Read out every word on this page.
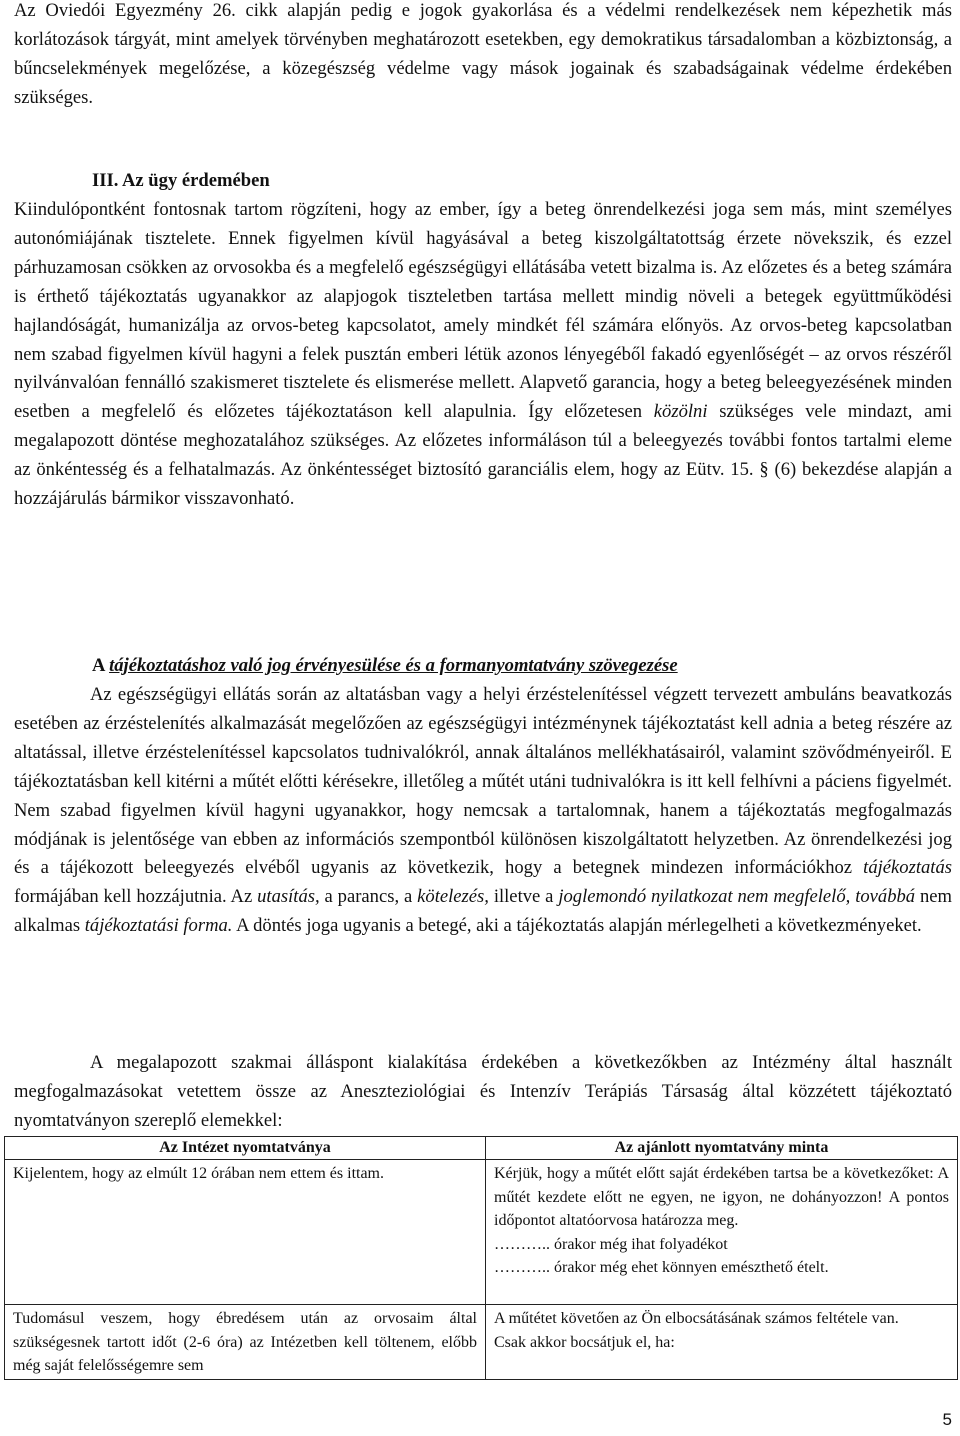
Az Oviedói Egyezmény 26. cikk alapján pedig e jogok gyakorlása és a védelmi rendelkezések nem képezhetik más korlátozások tárgyát, mint amelyek törvényben meghatározott esetekben, egy demokratikus társadalomban a közbiztonság, a bűncselekmények megelőzése, a közegészség védelme vagy mások jogainak és szabadságainak védelme érdekében szükséges.

III. Az ügy érdemében

Kiindulópontként fontosnak tartom rögzíteni, hogy az ember, így a beteg önrendelkezési joga sem más, mint személyes autonómiájának tisztelete. Ennek figyelmen kívül hagyásával a beteg kiszolgáltatottság érzete növekszik, és ezzel párhuzamosan csökken az orvosokba és a megfelelő egészségügyi ellátásába vetett bizalma is. Az előzetes és a beteg számára is érthető tájékoztatás ugyanakkor az alapjogok tiszteletben tartása mellett mindig növeli a betegek együttműködési hajlandóságát, humanizálja az orvos-beteg kapcsolatot, amely mindkét fél számára előnyös. Az orvos-beteg kapcsolatban nem szabad figyelmen kívül hagyni a felek pusztán emberi létük azonos lényegéből fakadó egyenlőségét – az orvos részéről nyilvánvalóan fennálló szakismeret tisztelete és elismerése mellett. Alapvető garancia, hogy a beteg beleegyezésének minden esetben a megfelelő és előzetes tájékoztatáson kell alapulnia. Így előzetesen közölni szükséges vele mindazt, ami megalapozott döntése meghozatalához szükséges. Az előzetes informáláson túl a beleegyezés további fontos tartalmi eleme az önkéntesség és a felhatalmazás. Az önkéntességet biztosító garanciális elem, hogy az Eütv. 15. § (6) bekezdése alapján a hozzájárulás bármikor visszavonható.

A tájékoztatáshoz való jog érvényesülése és a formanyomtatvány szövegezése

Az egészségügyi ellátás során az altatásban vagy a helyi érzéstelenítéssel végzett tervezett ambuláns beavatkozás esetében az érzéstelenítés alkalmazását megelőzően az egészségügyi intézménynek tájékoztatást kell adnia a beteg részére az altatással, illetve érzéstelenítéssel kapcsolatos tudnivalókról, annak általános mellékhatásairól, valamint szövődményeiről. E tájékoztatásban kell kitérni a műtét előtti kérésekre, illetőleg a műtét utáni tudnivalókra is itt kell felhívni a páciens figyelmét. Nem szabad figyelmen kívül hagyni ugyanakkor, hogy nemcsak a tartalomnak, hanem a tájékoztatás megfogalmazás módjának is jelentősége van ebben az információs szempontból különösen kiszolgáltatott helyzetben. Az önrendelkezési jog és a tájékozott beleegyezés elvéből ugyanis az következik, hogy a betegnek mindezen információkhoz tájékoztatás formájában kell hozzájutnia. Az utasítás, a parancs, a kötelezés, illetve a joglemondó nyilatkozat nem megfelelő, továbbá nem alkalmas tájékoztatási forma. A döntés joga ugyanis a betegé, aki a tájékoztatás alapján mérlegelheti a következményeket.

A megalapozott szakmai álláspont kialakítása érdekében a következőkben az Intézmény által használt megfogalmazásokat vetettem össze az Aneszteziológiai és Intenzív Terápiás Társaság által közzétett tájékoztató nyomtatványon szereplő elemekkel:

Az Intézet nyomtatványa	Az ajánlott nyomtatvány minta
Kijelentem, hogy az elmúlt 12 órában nem ettem és ittam.	Kérjük, hogy a műtét előtt saját érdekében tartsa be a következőket: A műtét kezdete előtt ne egyen, ne igyon, ne dohányozzon! A pontos időpontot altatóorvosa határozza meg.
……….. órakor még ihat folyadékot
……….. órakor még ehet könnyen emészthető ételt.

Tudomásul veszem, hogy ébredésem után az orvosaim által szükségesnek tartott időt (2-6 óra) az Intézetben kell töltenem, előbb még saját felelősségemre sem	A műtétet követően az Ön elbocsátásának számos feltétele van.
Csak akkor bocsátjuk el, ha:
5
